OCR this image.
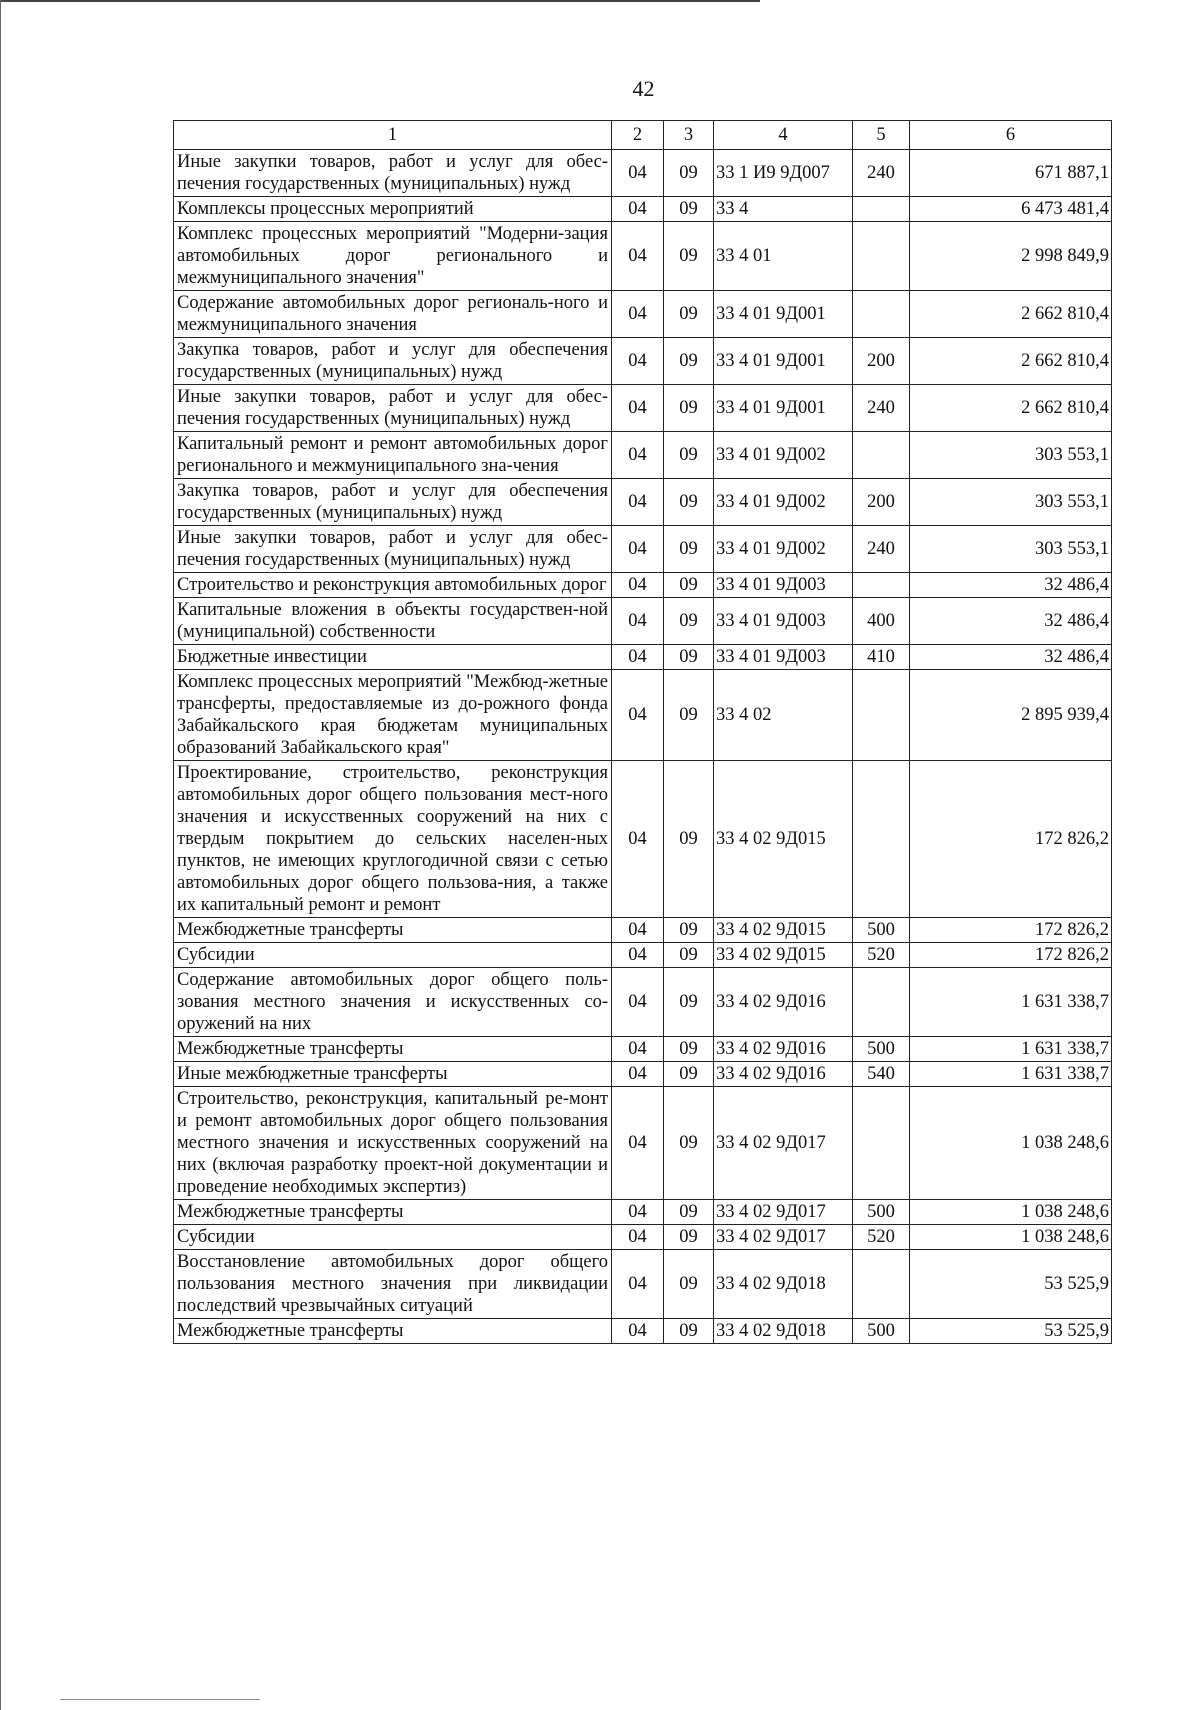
42
1	2	3	4	5	6
Иные закупки товаров, работ и услуг для обес-печения государственных (муниципальных) нужд	04	09	33 1 И9 9Д007	240	671 887,1
Комплексы процессных мероприятий	04	09	33 4		6 473 481,4
Комплекс процессных мероприятий "Модерни-зация автомобильных дорог регионального и межмуниципального значения"	04	09	33 4 01		2 998 849,9
Содержание автомобильных дорог региональ-ного и межмуниципального значения	04	09	33 4 01 9Д001		2 662 810,4
Закупка товаров, работ и услуг для обеспечения государственных (муниципальных) нужд	04	09	33 4 01 9Д001	200	2 662 810,4
Иные закупки товаров, работ и услуг для обес-печения государственных (муниципальных) нужд	04	09	33 4 01 9Д001	240	2 662 810,4
Капитальный ремонт и ремонт автомобильных дорог регионального и межмуниципального зна-чения	04	09	33 4 01 9Д002		303 553,1
Закупка товаров, работ и услуг для обеспечения государственных (муниципальных) нужд	04	09	33 4 01 9Д002	200	303 553,1
Иные закупки товаров, работ и услуг для обес-печения государственных (муниципальных) нужд	04	09	33 4 01 9Д002	240	303 553,1
Строительство и реконструкция автомобильных дорог	04	09	33 4 01 9Д003		32 486,4
Капитальные вложения в объекты государствен-ной (муниципальной) собственности	04	09	33 4 01 9Д003	400	32 486,4
Бюджетные инвестиции	04	09	33 4 01 9Д003	410	32 486,4
Комплекс процессных мероприятий "Межбюд-жетные трансферты, предоставляемые из до-рожного фонда Забайкальского края бюджетам муниципальных образований Забайкальского края"	04	09	33 4 02		2 895 939,4
Проектирование, строительство, реконструкция автомобильных дорог общего пользования мест-ного значения и искусственных сооружений на них с твердым покрытием до сельских населен-ных пунктов, не имеющих круглогодичной связи с сетью автомобильных дорог общего пользова-ния, а также их капитальный ремонт и ремонт	04	09	33 4 02 9Д015		172 826,2
Межбюджетные трансферты	04	09	33 4 02 9Д015	500	172 826,2
Субсидии	04	09	33 4 02 9Д015	520	172 826,2
Содержание автомобильных дорог общего поль-зования местного значения и искусственных со-оружений на них	04	09	33 4 02 9Д016		1 631 338,7
Межбюджетные трансферты	04	09	33 4 02 9Д016	500	1 631 338,7
Иные межбюджетные трансферты	04	09	33 4 02 9Д016	540	1 631 338,7
Строительство, реконструкция, капитальный ре-монт и ремонт автомобильных дорог общего пользования местного значения и искусственных сооружений на них (включая разработку проект-ной документации и проведение необходимых экспертиз)	04	09	33 4 02 9Д017		1 038 248,6
Межбюджетные трансферты	04	09	33 4 02 9Д017	500	1 038 248,6
Субсидии	04	09	33 4 02 9Д017	520	1 038 248,6
Восстановление автомобильных дорог общего пользования местного значения при ликвидации последствий чрезвычайных ситуаций	04	09	33 4 02 9Д018		53 525,9
Межбюджетные трансферты	04	09	33 4 02 9Д018	500	53 525,9
